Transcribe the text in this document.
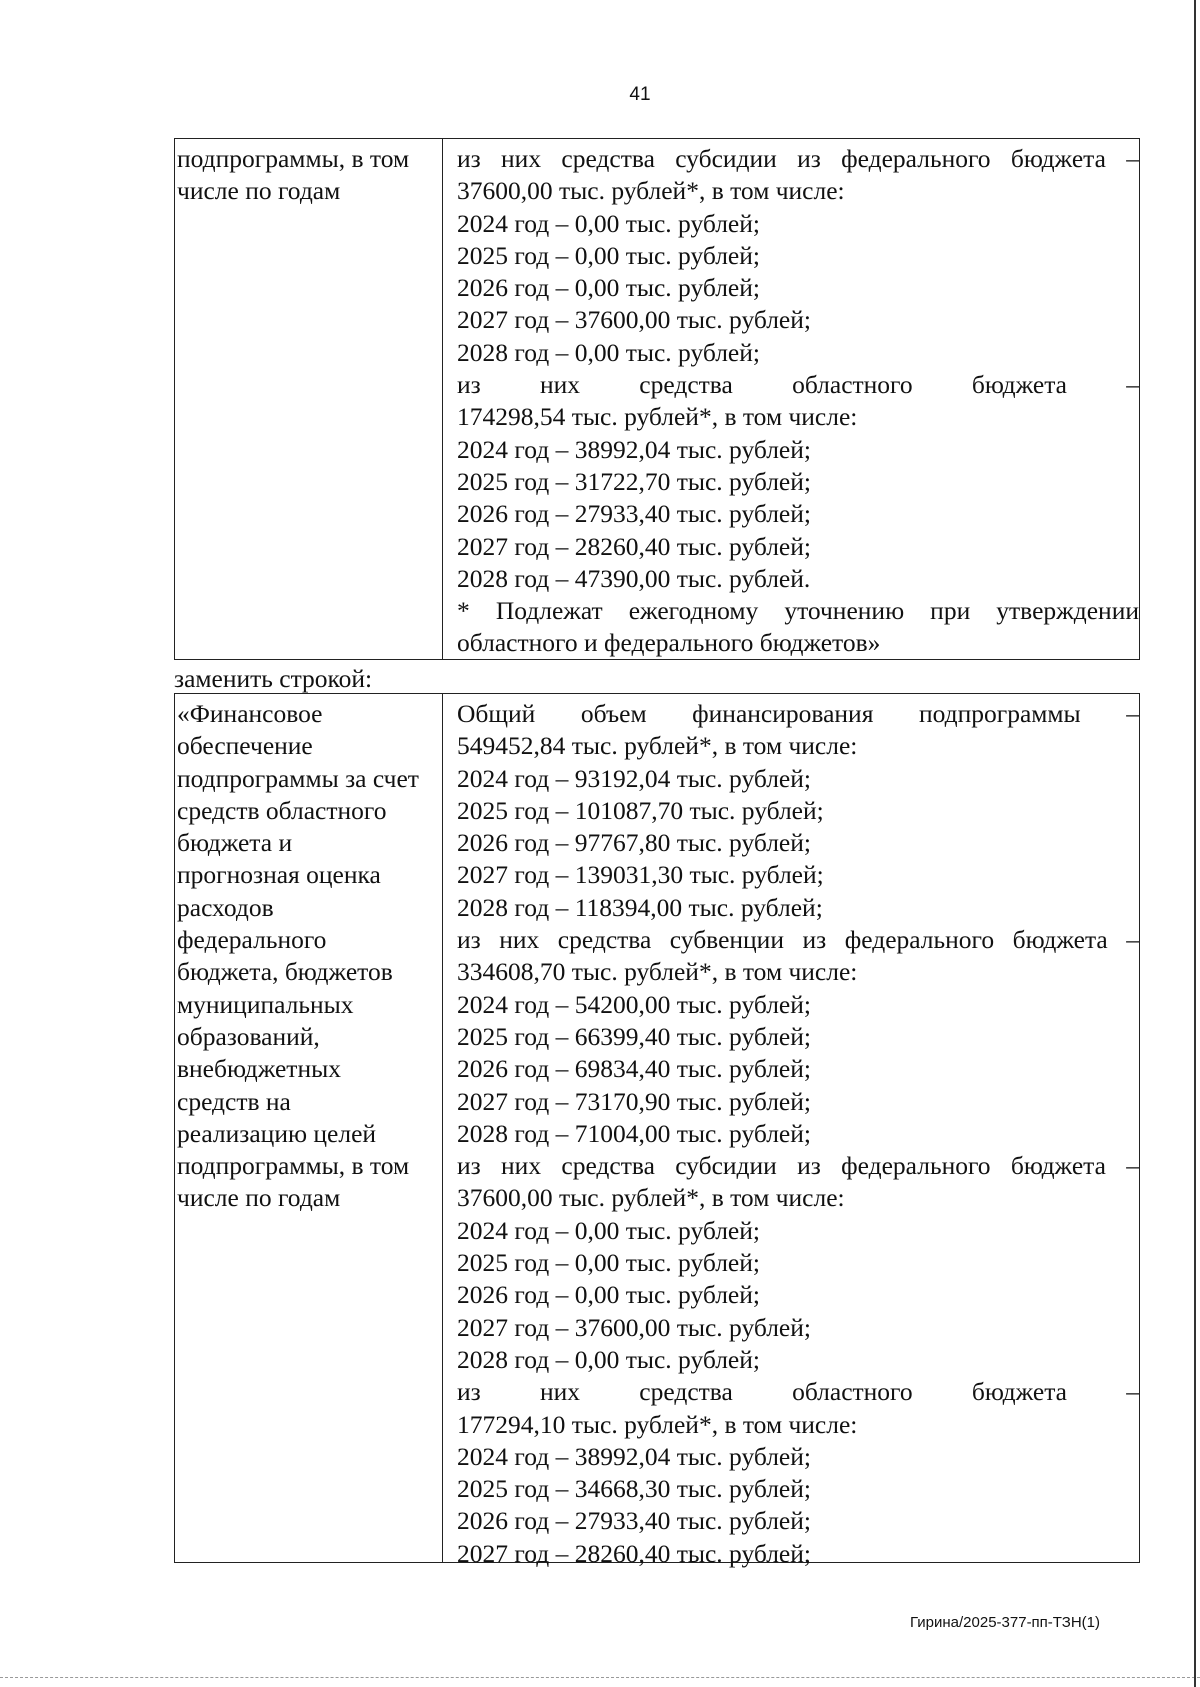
41
подпрограммы, в том
числе по годам
из них средства субсидии из федерального бюджета –
37600,00 тыс. рублей*, в том числе:
2024 год – 0,00 тыс. рублей;
2025 год – 0,00 тыс. рублей;
2026 год – 0,00 тыс. рублей;
2027 год – 37600,00 тыс. рублей;
2028 год – 0,00 тыс. рублей;
из них средства областного бюджета –
174298,54 тыс. рублей*, в том числе:
2024 год – 38992,04 тыс. рублей;
2025 год – 31722,70 тыс. рублей;
2026 год – 27933,40 тыс. рублей;
2027 год – 28260,40 тыс. рублей;
2028 год – 47390,00 тыс. рублей.
* Подлежат ежегодному уточнению при утверждении
областного и федерального бюджетов»
заменить строкой:
«Финансовое
обеспечение
подпрограммы за счет
средств областного
бюджета и
прогнозная оценка
расходов
федерального
бюджета, бюджетов
муниципальных
образований,
внебюджетных
средств на
реализацию целей
подпрограммы, в том
числе по годам
Общий объем финансирования подпрограммы –
549452,84 тыс. рублей*, в том числе:
2024 год – 93192,04 тыс. рублей;
2025 год – 101087,70 тыс. рублей;
2026 год – 97767,80 тыс. рублей;
2027 год – 139031,30 тыс. рублей;
2028 год – 118394,00 тыс. рублей;
из них средства субвенции из федерального бюджета –
334608,70 тыс. рублей*, в том числе:
2024 год – 54200,00 тыс. рублей;
2025 год – 66399,40 тыс. рублей;
2026 год – 69834,40 тыс. рублей;
2027 год – 73170,90 тыс. рублей;
2028 год – 71004,00 тыс. рублей;
из них средства субсидии из федерального бюджета –
37600,00 тыс. рублей*, в том числе:
2024 год – 0,00 тыс. рублей;
2025 год – 0,00 тыс. рублей;
2026 год – 0,00 тыс. рублей;
2027 год – 37600,00 тыс. рублей;
2028 год – 0,00 тыс. рублей;
из них средства областного бюджета –
177294,10 тыс. рублей*, в том числе:
2024 год – 38992,04 тыс. рублей;
2025 год – 34668,30 тыс. рублей;
2026 год – 27933,40 тыс. рублей;
2027 год – 28260,40 тыс. рублей;
Гирина/2025-377-пп-ТЗН(1)
